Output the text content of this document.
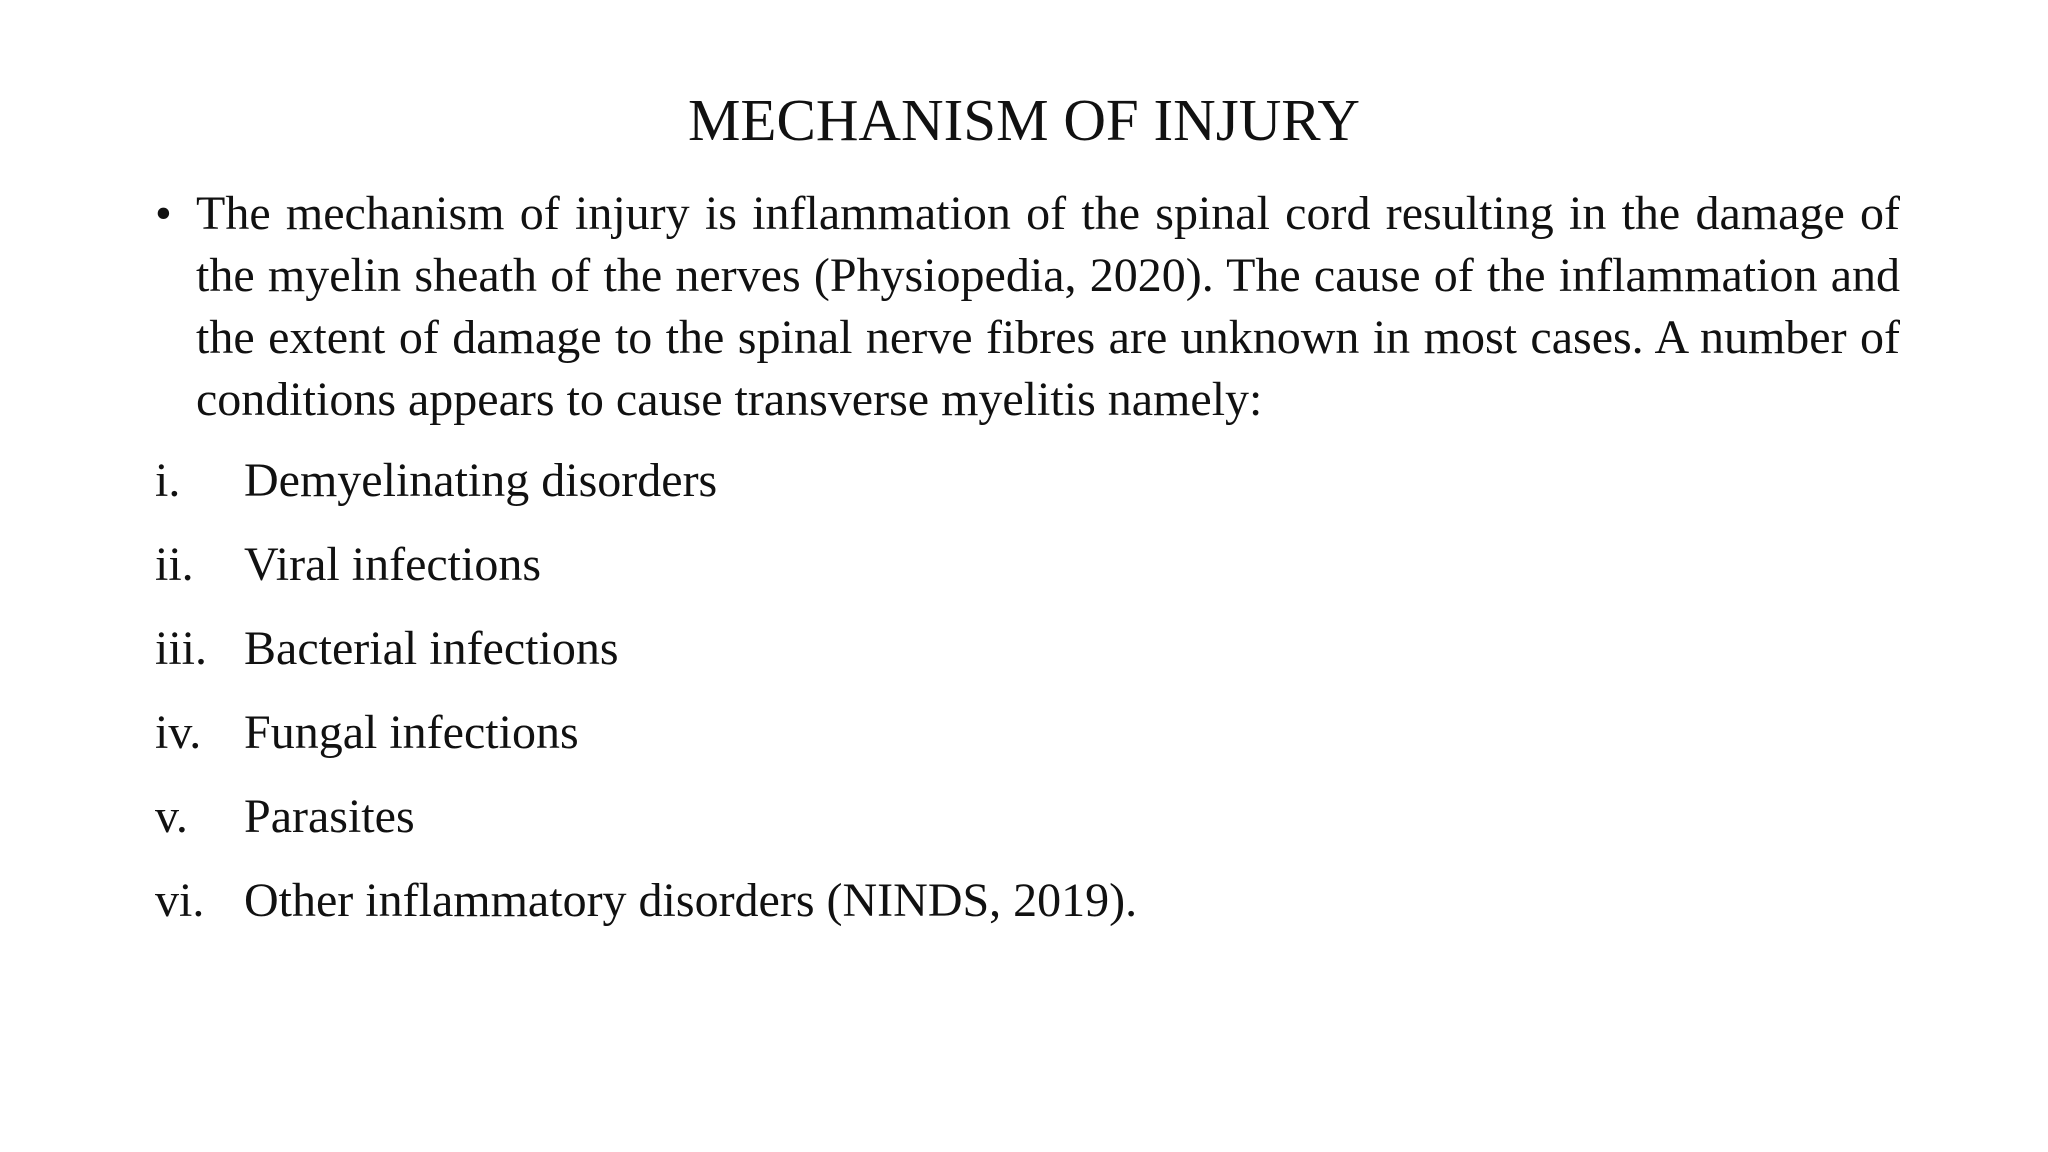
MECHANISM OF INJURY
• The mechanism of injury is inflammation of the spinal cord resulting in the damage of the myelin sheath of the nerves (Physiopedia, 2020). The cause of the inflammation and the extent of damage to the spinal nerve fibres are unknown in most cases. A number of conditions appears to cause transverse myelitis namely:
i. Demyelinating disorders
ii. Viral infections
iii. Bacterial infections
iv. Fungal infections
v. Parasites
vi. Other inflammatory disorders (NINDS, 2019).
